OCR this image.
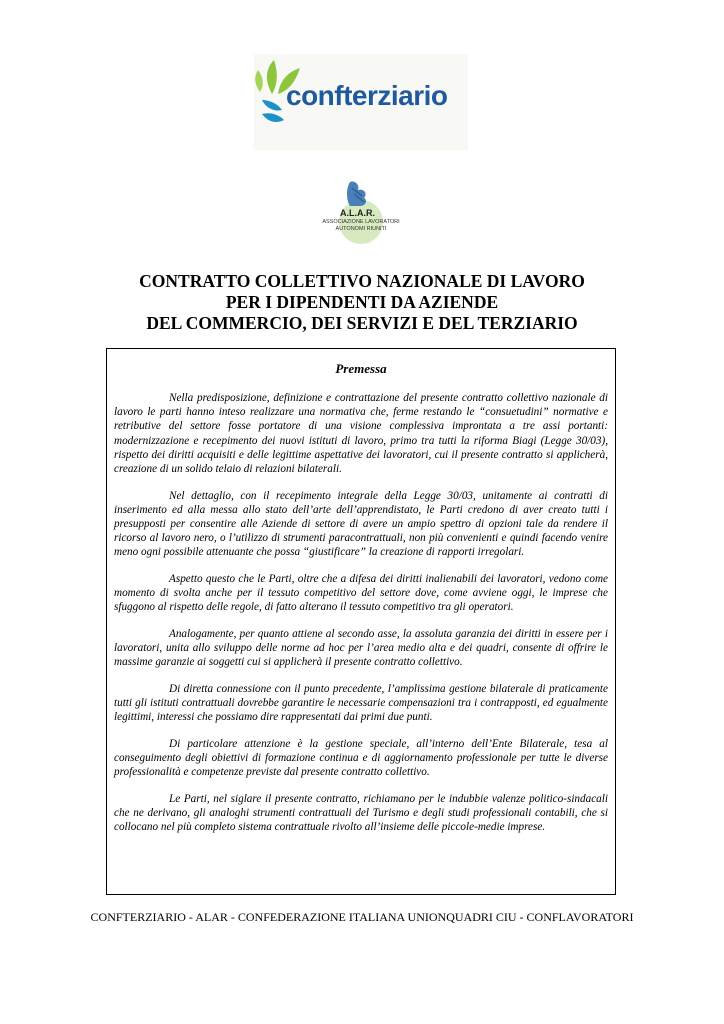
confterziario
A.L.A.R.
ASSOCIAZIONE LAVORATORI
AUTONOMI RIUNITI
CONTRATTO COLLETTIVO NAZIONALE DI LAVORO
PER I DIPENDENTI DA AZIENDE
DEL COMMERCIO, DEI SERVIZI E DEL TERZIARIO
Premessa

Nella predisposizione, definizione e contrattazione del presente contratto collettivo nazionale di lavoro le parti hanno inteso realizzare una normativa che, ferme restando le “consuetudini” normative e retributive del settore fosse portatore di una visione complessiva improntata a tre assi portanti: modernizzazione e recepimento dei nuovi istituti di lavoro, primo tra tutti la riforma Biagi (Legge 30/03), rispetto dei diritti acquisiti e delle legittime aspettative dei lavoratori, cui il presente contratto si applicherà, creazione di un solido telaio di relazioni bilaterali.

Nel dettaglio, con il recepimento integrale della Legge 30/03, unitamente ai contratti di inserimento ed alla messa allo stato dell’arte dell’apprendistato, le Parti credono di aver creato tutti i presupposti per consentire alle Aziende di settore di avere un ampio spettro di opzioni tale da rendere il ricorso al lavoro nero, o l’utilizzo di strumenti paracontrattuali, non più convenienti e quindi facendo venire meno ogni possibile attenuante che possa “giustificare” la creazione di rapporti irregolari.

Aspetto questo che le Parti, oltre che a difesa dei diritti inalienabili dei lavoratori, vedono come momento di svolta anche per il tessuto competitivo del settore dove, come avviene oggi, le imprese che sfuggono al rispetto delle regole, di fatto alterano il tessuto competitivo tra gli operatori.

Analogamente, per quanto attiene al secondo asse, la assoluta garanzia dei diritti in essere per i lavoratori, unita allo sviluppo delle norme ad hoc per l’area medio alta e dei quadri, consente di offrire le massime garanzie ai soggetti cui si applicherà il presente contratto collettivo.

Di diretta connessione con il punto precedente, l’amplissima gestione bilaterale di praticamente tutti gli istituti contrattuali dovrebbe garantire le necessarie compensazioni tra i contrapposti, ed egualmente legittimi, interessi che possiamo dire rappresentati dai primi due punti.

Di particolare attenzione è la gestione speciale, all’interno dell’Ente Bilaterale, tesa al conseguimento degli obiettivi di formazione continua e di aggiornamento professionale per tutte le diverse professionalità e competenze previste dal presente contratto collettivo.

Le Parti, nel siglare il presente contratto, richiamano per le indubbie valenze politico-sindacali che ne derivano, gli analoghi strumenti contrattuali del Turismo e degli studi professionali contabili, che si collocano nel più completo sistema contrattuale rivolto all’insieme delle piccole-medie imprese.

CONFTERZIARIO - ALAR - CONFEDERAZIONE ITALIANA UNIONQUADRI CIU - CONFLAVORATORI
